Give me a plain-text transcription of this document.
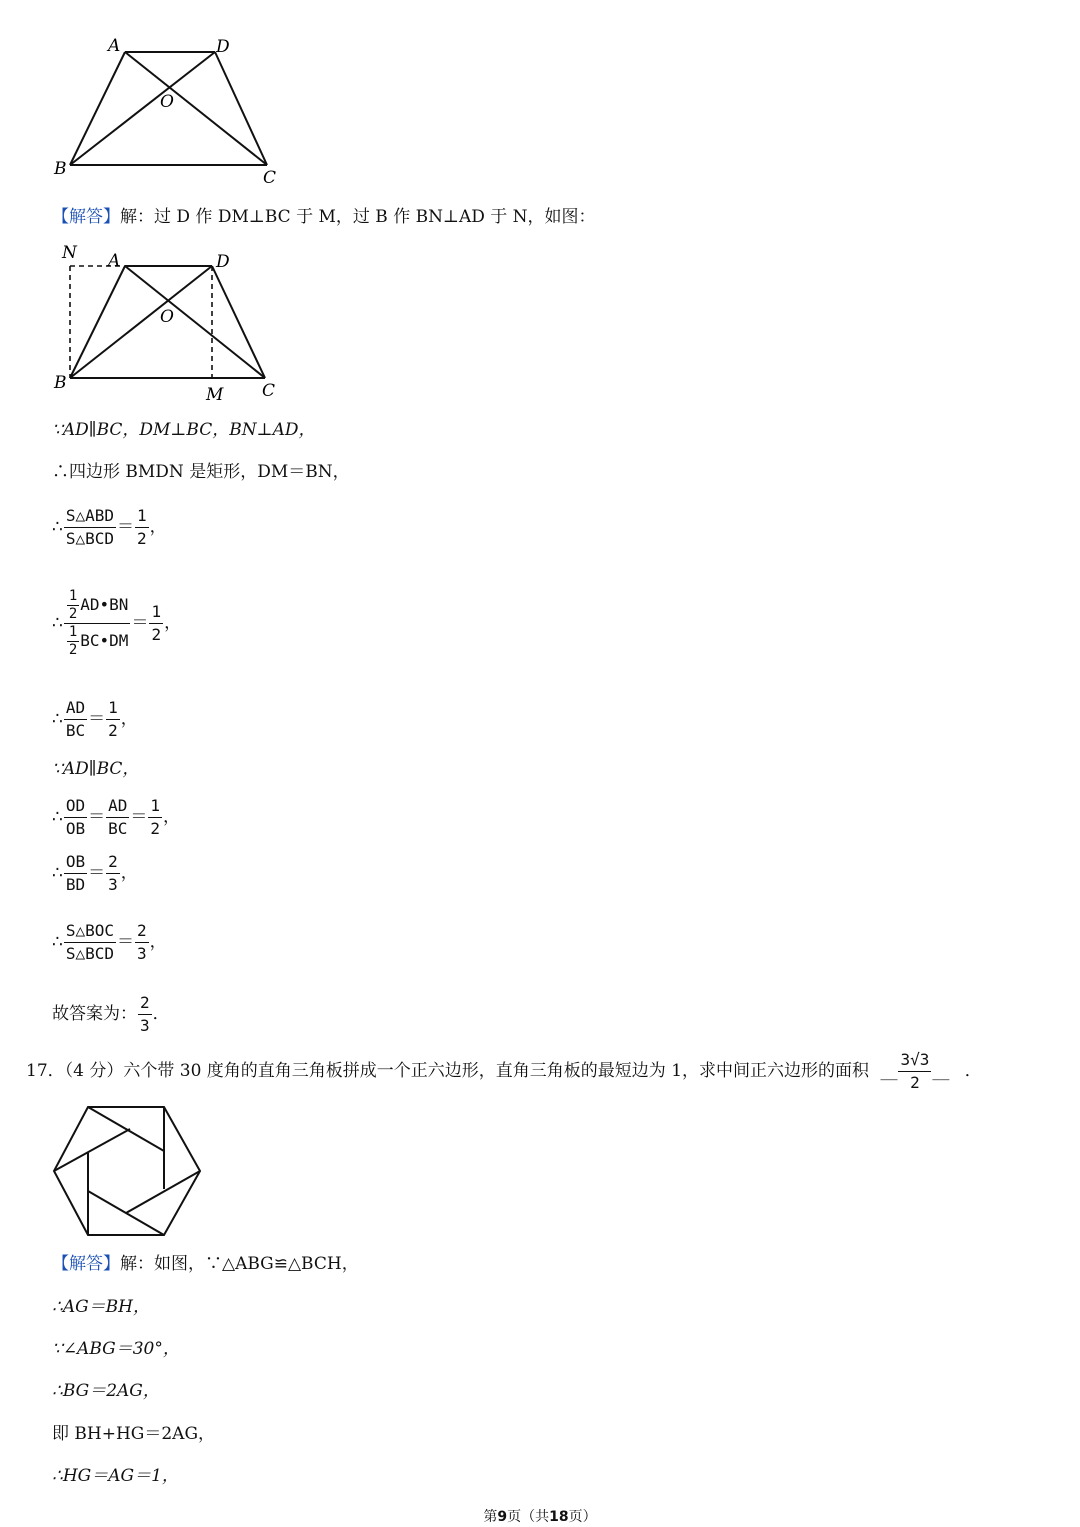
A	D
O
B	C
【解答】解：过 D 作 DM⊥BC 于 M，过 B 作 BN⊥AD 于 N，如图：
N A	D
O
B
M C
∵AD∥BC，DM⊥BC，BN⊥AD，
∴四边形 BMDN 是矩形，DM＝BN，
∴ $\frac{\text{S△ABD}}{\text{S△BCD}} = \frac{1}{2}$ ，
∴ $\frac{\frac{1}{2} AD•BN}{\frac{1}{2} BC•DM} = \frac{1}{2}$ ，
∴ $\frac{AD}{BC} = \frac{1}{2}$ ，
∵AD∥BC，
∴ $\frac{OD}{OB} = \frac{AD}{BC} = \frac{1}{2}$ ，
∴ $\frac{OB}{BD} = \frac{2}{3}$ ，
∴ $\frac{\text{S△BOC}}{\text{S△BCD}} = \frac{2}{3}$ ，
故答案为： $\frac{2}{3}$ ．
17．（4 分）六个带 30 度角的直角三角板拼成一个正六边形，直角三角板的最短边为 1，求中间正六边形的面积 __ $\frac{3√3}{2}$ __ ．
【解答】解：如图，∵△ABG≌△BCH，
∴AG＝BH，
∵∠ABG＝30°，
∴BG＝2AG，
即 BH+HG＝2AG，
∴HG＝AG＝1，
第9页（共18页）
